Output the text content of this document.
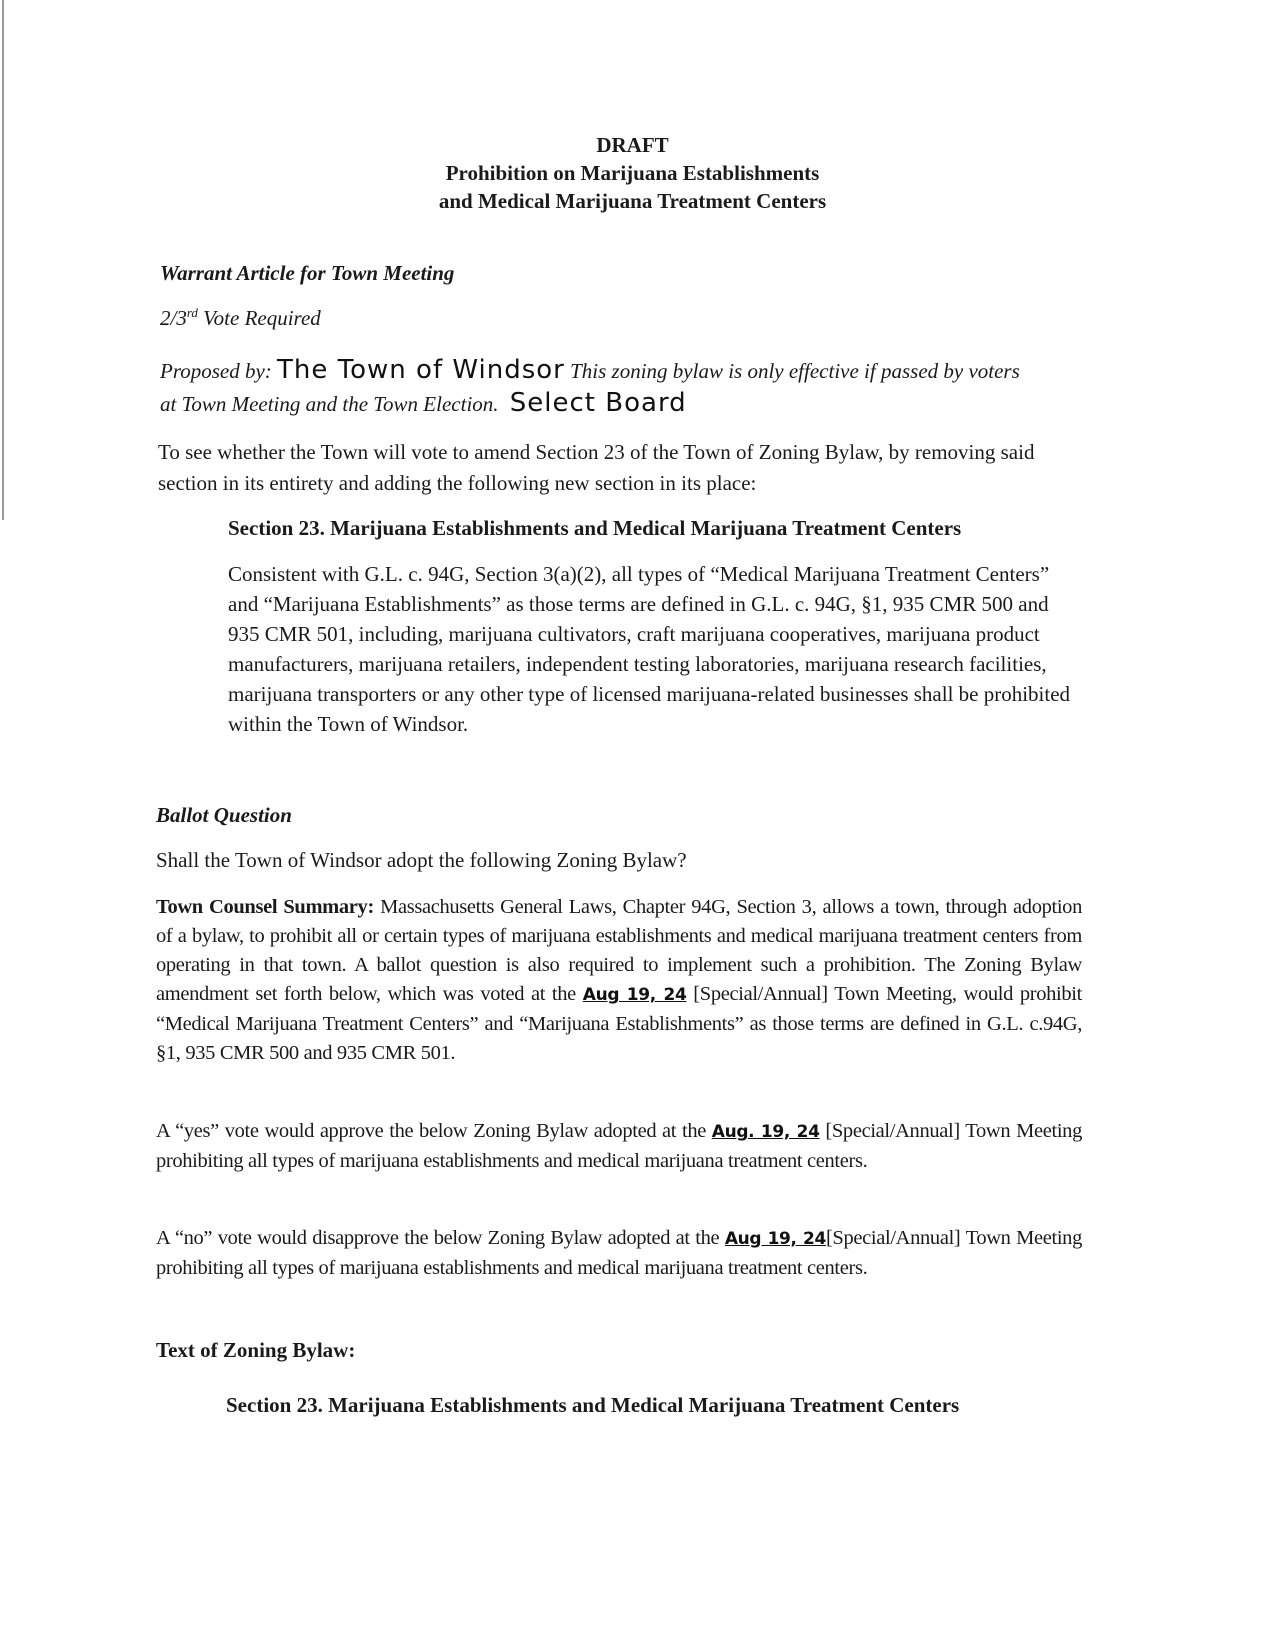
DRAFT
Prohibition on Marijuana Establishments
and Medical Marijuana Treatment Centers
Warrant Article for Town Meeting
2/3rd Vote Required
Proposed by: The Town of Windsor This zoning bylaw is only effective if passed by voters
at Town Meeting and the Town Election. Select Board
To see whether the Town will vote to amend Section 23 of the Town of Zoning Bylaw, by removing said section in its entirety and adding the following new section in its place:
Section 23. Marijuana Establishments and Medical Marijuana Treatment Centers
Consistent with G.L. c. 94G, Section 3(a)(2), all types of “Medical Marijuana Treatment Centers” and “Marijuana Establishments” as those terms are defined in G.L. c. 94G, §1, 935 CMR 500 and 935 CMR 501, including, marijuana cultivators, craft marijuana cooperatives, marijuana product manufacturers, marijuana retailers, independent testing laboratories, marijuana research facilities, marijuana transporters or any other type of licensed marijuana-related businesses shall be prohibited within the Town of Windsor.
Ballot Question
Shall the Town of Windsor adopt the following Zoning Bylaw?
Town Counsel Summary: Massachusetts General Laws, Chapter 94G, Section 3, allows a town, through adoption of a bylaw, to prohibit all or certain types of marijuana establishments and medical marijuana treatment centers from operating in that town. A ballot question is also required to implement such a prohibition. The Zoning Bylaw amendment set forth below, which was voted at the Aug 19, 24 [Special/Annual] Town Meeting, would prohibit “Medical Marijuana Treatment Centers” and “Marijuana Establishments” as those terms are defined in G.L. c.94G, §1, 935 CMR 500 and 935 CMR 501.
A “yes” vote would approve the below Zoning Bylaw adopted at the Aug. 19, 24 [Special/Annual] Town Meeting prohibiting all types of marijuana establishments and medical marijuana treatment centers.
A “no” vote would disapprove the below Zoning Bylaw adopted at the Aug 19, 24[Special/Annual] Town Meeting prohibiting all types of marijuana establishments and medical marijuana treatment centers.
Text of Zoning Bylaw:
Section 23. Marijuana Establishments and Medical Marijuana Treatment Centers
